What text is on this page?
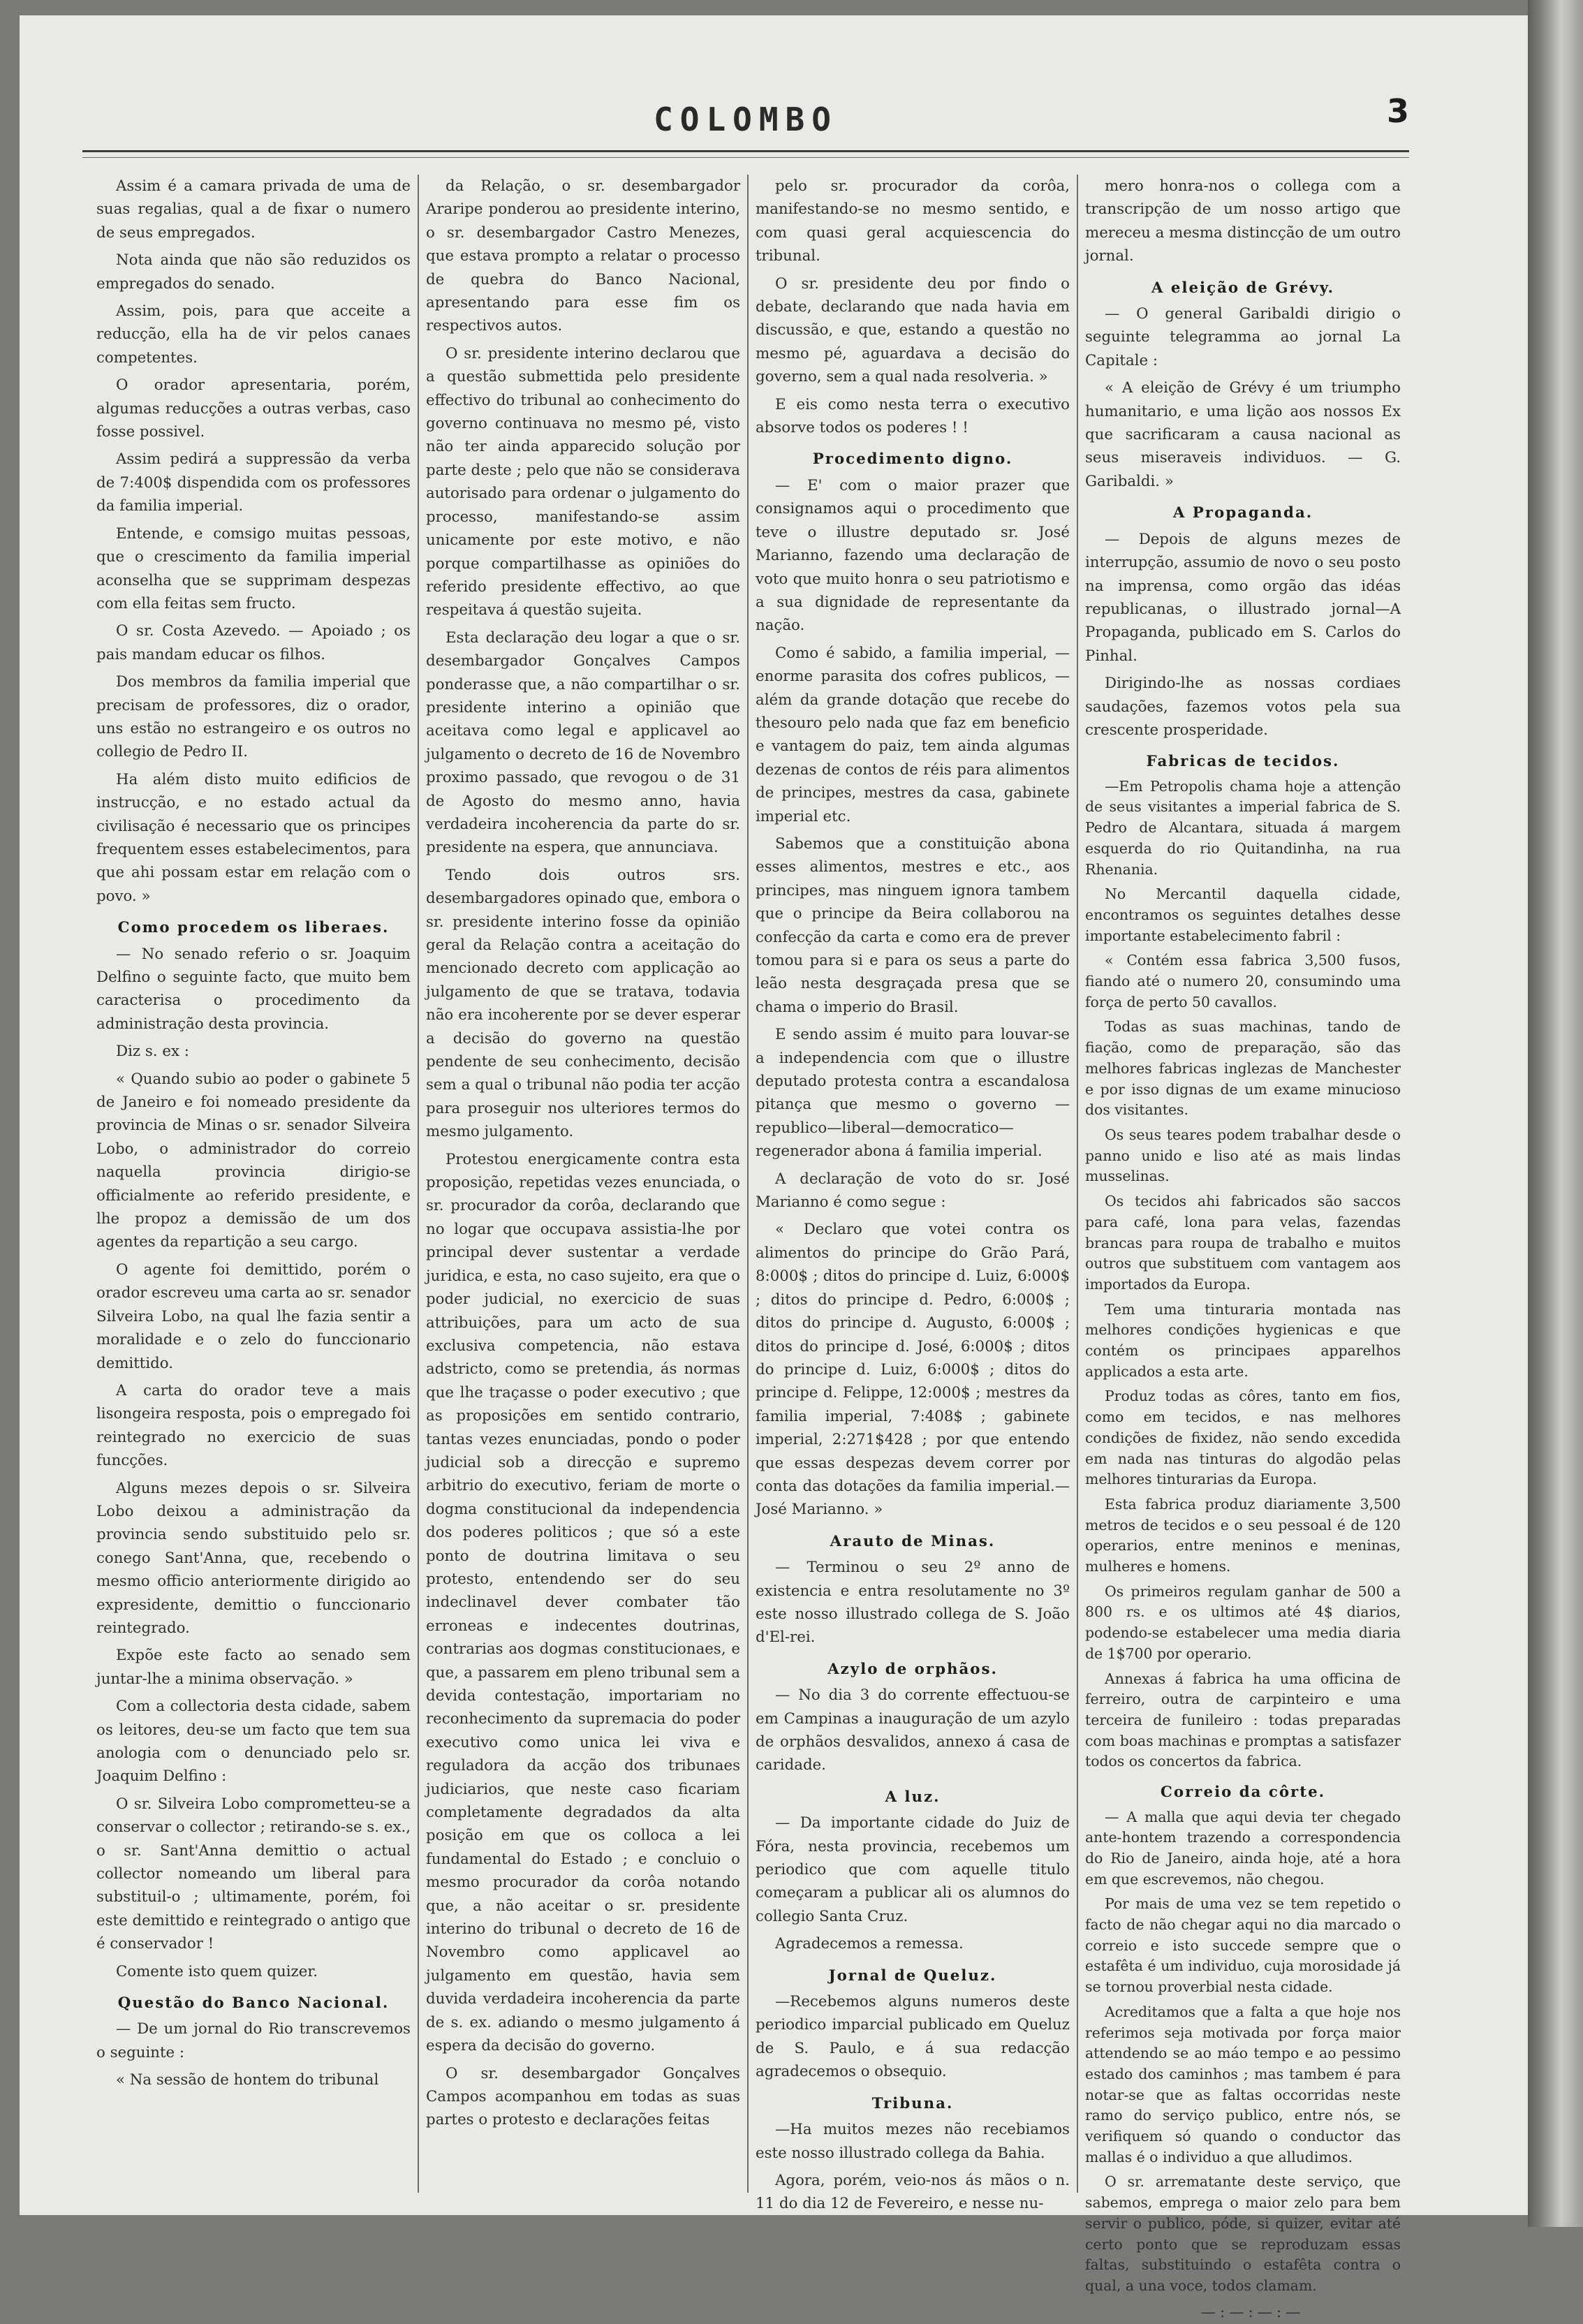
COLOMBO	3

Assim é a camara privada de uma de suas regalias, qual a de fixar o numero de seus empregados.

Nota ainda que não são reduzidos os empregados do senado.

Assim, pois, para que acceite a reducção, ella ha de vir pelos canaes competentes.

O orador apresentaria, porém, algumas reducções a outras verbas, caso fosse possivel.

Assim pedirá a suppressão da verba de 7:400$ dispendida com os professores da familia imperial.

Entende, e comsigo muitas pessoas, que o crescimento da familia imperial aconselha que se supprimam despezas com ella feitas sem fructo.

O sr. Costa Azevedo. — Apoiado ; os pais mandam educar os filhos.

Dos membros da familia imperial que precisam de professores, diz o orador, uns estão no estrangeiro e os outros no collegio de Pedro II.

Ha além disto muito edificios de instrucção, e no estado actual da civilisação é necessario que os principes frequentem esses estabelecimentos, para que ahi possam estar em relação com o povo. »

Como procedem os liberaes.

— No senado referio o sr. Joaquim Delfino o seguinte facto, que muito bem caracterisa o procedimento da administração desta provincia.

Diz s. ex :

« Quando subio ao poder o gabinete 5 de Janeiro e foi nomeado presidente da provincia de Minas o sr. senador Silveira Lobo, o administrador do correio naquella provincia dirigio-se officialmente ao referido presidente, e lhe propoz a demissão de um dos agentes da repartição a seu cargo.

O agente foi demittido, porém o orador escreveu uma carta ao sr. senador Silveira Lobo, na qual lhe fazia sentir a moralidade e o zelo do funccionario demittido.

A carta do orador teve a mais lisongeira resposta, pois o empregado foi reintegrado no exercicio de suas funcções.

Alguns mezes depois o sr. Silveira Lobo deixou a administração da provincia sendo substituido pelo sr. conego Sant'Anna, que, recebendo o mesmo officio anteriormente dirigido ao expresidente, demittio o funccionario reintegrado.

Expõe este facto ao senado sem juntar-lhe a minima observação. »

Com a collectoria desta cidade, sabem os leitores, deu-se um facto que tem sua anologia com o denunciado pelo sr. Joaquim Delfino :

O sr. Silveira Lobo comprometteu-se a conservar o collector ; retirando-se s. ex., o sr. Sant'Anna demittio o actual collector nomeando um liberal para substituil-o ; ultimamente, porém, foi este demittido e reintegrado o antigo que é conservador !

Comente isto quem quizer.

Questão do Banco Nacional.

— De um jornal do Rio transcrevemos o seguinte :

« Na sessão de hontem do tribunal

da Relação, o sr. desembargador Araripe ponderou ao presidente interino, o sr. desembargador Castro Menezes, que estava prompto a relatar o processo de quebra do Banco Nacional, apresentando para esse fim os respectivos autos.

O sr. presidente interino declarou que a questão submettida pelo presidente effectivo do tribunal ao conhecimento do governo continuava no mesmo pé, visto não ter ainda apparecido solução por parte deste ; pelo que não se considerava autorisado para ordenar o julgamento do processo, manifestando-se assim unicamente por este motivo, e não porque compartilhasse as opiniões do referido presidente effectivo, ao que respeitava á questão sujeita.

Esta declaração deu logar a que o sr. desembargador Gonçalves Campos ponderasse que, a não compartilhar o sr. presidente interino a opinião que aceitava como legal e applicavel ao julgamento o decreto de 16 de Novembro proximo passado, que revogou o de 31 de Agosto do mesmo anno, havia verdadeira incoherencia da parte do sr. presidente na espera, que annunciava.

Tendo dois outros srs. desembargadores opinado que, embora o sr. presidente interino fosse da opinião geral da Relação contra a aceitação do mencionado decreto com applicação ao julgamento de que se tratava, todavia não era incoherente por se dever esperar a decisão do governo na questão pendente de seu conhecimento, decisão sem a qual o tribunal não podia ter acção para proseguir nos ulteriores termos do mesmo julgamento.

Protestou energicamente contra esta proposição, repetidas vezes enunciada, o sr. procurador da corôa, declarando que no logar que occupava assistia-lhe por principal dever sustentar a verdade juridica, e esta, no caso sujeito, era que o poder judicial, no exercicio de suas attribuições, para um acto de sua exclusiva competencia, não estava adstricto, como se pretendia, ás normas que lhe traçasse o poder executivo ; que as proposições em sentido contrario, tantas vezes enunciadas, pondo o poder judicial sob a direcção e supremo arbitrio do executivo, feriam de morte o dogma constitucional da independencia dos poderes politicos ; que só a este ponto de doutrina limitava o seu protesto, entendendo ser do seu indeclinavel dever combater tão erroneas e indecentes doutrinas, contrarias aos dogmas constitucionaes, e que, a passarem em pleno tribunal sem a devida contestação, importariam no reconhecimento da supremacia do poder executivo como unica lei viva e reguladora da acção dos tribunaes judiciarios, que neste caso ficariam completamente degradados da alta posição em que os colloca a lei fundamental do Estado ; e concluio o mesmo procurador da corôa notando que, a não aceitar o sr. presidente interino do tribunal o decreto de 16 de Novembro como applicavel ao julgamento em questão, havia sem duvida verdadeira incoherencia da parte de s. ex. adiando o mesmo julgamento á espera da decisão do governo.

O sr. desembargador Gonçalves Campos acompanhou em todas as suas partes o protesto e declarações feitas

pelo sr. procurador da corôa, manifestando-se no mesmo sentido, e com quasi geral acquiescencia do tribunal.

O sr. presidente deu por findo o debate, declarando que nada havia em discussão, e que, estando a questão no mesmo pé, aguardava a decisão do governo, sem a qual nada resolveria. »

E eis como nesta terra o executivo absorve todos os poderes ! !

Procedimento digno.

— E' com o maior prazer que consignamos aqui o procedimento que teve o illustre deputado sr. José Marianno, fazendo uma declaração de voto que muito honra o seu patriotismo e a sua dignidade de representante da nação.

Como é sabido, a familia imperial, — enorme parasita dos cofres publicos, — além da grande dotação que recebe do thesouro pelo nada que faz em beneficio e vantagem do paiz, tem ainda algumas dezenas de contos de réis para alimentos de principes, mestres da casa, gabinete imperial etc.

Sabemos que a constituição abona esses alimentos, mestres e etc., aos principes, mas ninguem ignora tambem que o principe da Beira collaborou na confecção da carta e como era de prever tomou para si e para os seus a parte do leão nesta desgraçada presa que se chama o imperio do Brasil.

E sendo assim é muito para louvar-se a independencia com que o illustre deputado protesta contra a escandalosa pitança que mesmo o governo — republico—liberal—democratico—regenerador abona á familia imperial.

A declaração de voto do sr. José Marianno é como segue :

« Declaro que votei contra os alimentos do principe do Grão Pará, 8:000$ ; ditos do principe d. Luiz, 6:000$ ; ditos do principe d. Pedro, 6:000$ ; ditos do principe d. Augusto, 6:000$ ; ditos do principe d. José, 6:000$ ; ditos do principe d. Luiz, 6:000$ ; ditos do principe d. Felippe, 12:000$ ; mestres da familia imperial, 7:408$ ; gabinete imperial, 2:271$428 ; por que entendo que essas despezas devem correr por conta das dotações da familia imperial.—José Marianno. »

Arauto de Minas.

— Terminou o seu 2º anno de existencia e entra resolutamente no 3º este nosso illustrado collega de S. João d'El-rei.

Azylo de orphãos.

— No dia 3 do corrente effectuou-se em Campinas a inauguração de um azylo de orphãos desvalidos, annexo á casa de caridade.

A luz.

— Da importante cidade do Juiz de Fóra, nesta provincia, recebemos um periodico que com aquelle titulo começaram a publicar ali os alumnos do collegio Santa Cruz.

Agradecemos a remessa.

Jornal de Queluz.

—Recebemos alguns numeros deste periodico imparcial publicado em Queluz de S. Paulo, e á sua redacção agradecemos o obsequio.

Tribuna.

—Ha muitos mezes não recebiamos este nosso illustrado collega da Bahia.

Agora, porém, veio-nos ás mãos o n. 11 do dia 12 de Fevereiro, e nesse nu-

mero honra-nos o collega com a transcripção de um nosso artigo que mereceu a mesma distincção de um outro jornal.

A eleição de Grévy.

— O general Garibaldi dirigio o seguinte telegramma ao jornal La Capitale :

« A eleição de Grévy é um triumpho humanitario, e uma lição aos nossos Ex que sacrificaram a causa nacional as seus miseraveis individuos. — G. Garibaldi. »

A Propaganda.

— Depois de alguns mezes de interrupção, assumio de novo o seu posto na imprensa, como orgão das idéas republicanas, o illustrado jornal—A Propaganda, publicado em S. Carlos do Pinhal.

Dirigindo-lhe as nossas cordiaes saudações, fazemos votos pela sua crescente prosperidade.

Fabricas de tecidos.

—Em Petropolis chama hoje a attenção de seus visitantes a imperial fabrica de S. Pedro de Alcantara, situada á margem esquerda do rio Quitandinha, na rua Rhenania.

No Mercantil daquella cidade, encontramos os seguintes detalhes desse importante estabelecimento fabril :

« Contém essa fabrica 3,500 fusos, fiando até o numero 20, consumindo uma força de perto 50 cavallos.

Todas as suas machinas, tando de fiação, como de preparação, são das melhores fabricas inglezas de Manchester e por isso dignas de um exame minucioso dos visitantes.

Os seus teares podem trabalhar desde o panno unido e liso até as mais lindas musselinas.

Os tecidos ahi fabricados são saccos para café, lona para velas, fazendas brancas para roupa de trabalho e muitos outros que substituem com vantagem aos importados da Europa.

Tem uma tinturaria montada nas melhores condições hygienicas e que contém os principaes apparelhos applicados a esta arte.

Produz todas as côres, tanto em fios, como em tecidos, e nas melhores condições de fixidez, não sendo excedida em nada nas tinturas do algodão pelas melhores tinturarias da Europa.

Esta fabrica produz diariamente 3,500 metros de tecidos e o seu pessoal é de 120 operarios, entre meninos e meninas, mulheres e homens.

Os primeiros regulam ganhar de 500 a 800 rs. e os ultimos até 4$ diarios, podendo-se estabelecer uma media diaria de 1$700 por operario.

Annexas á fabrica ha uma officina de ferreiro, outra de carpinteiro e uma terceira de funileiro : todas preparadas com boas machinas e promptas a satisfazer todos os concertos da fabrica.

Correio da côrte.

— A malla que aqui devia ter chegado ante-hontem trazendo a correspondencia do Rio de Janeiro, ainda hoje, até a hora em que escrevemos, não chegou.

Por mais de uma vez se tem repetido o facto de não chegar aqui no dia marcado o correio e isto succede sempre que o estafêta é um individuo, cuja morosidade já se tornou proverbial nesta cidade.

Acreditamos que a falta a que hoje nos referimos seja motivada por força maior attendendo se ao máo tempo e ao pessimo estado dos caminhos ; mas tambem é para notar-se que as faltas occorridas neste ramo do serviço publico, entre nós, se verifiquem só quando o conductor das mallas é o individuo a que alludimos.

O sr. arrematante deste serviço, que sabemos, emprega o maior zelo para bem servir o publico, póde, si quizer, evitar até certo ponto que se reproduzam essas faltas, substituindo o estafêta contra o qual, a una voce, todos clamam.

—:—:—:—
